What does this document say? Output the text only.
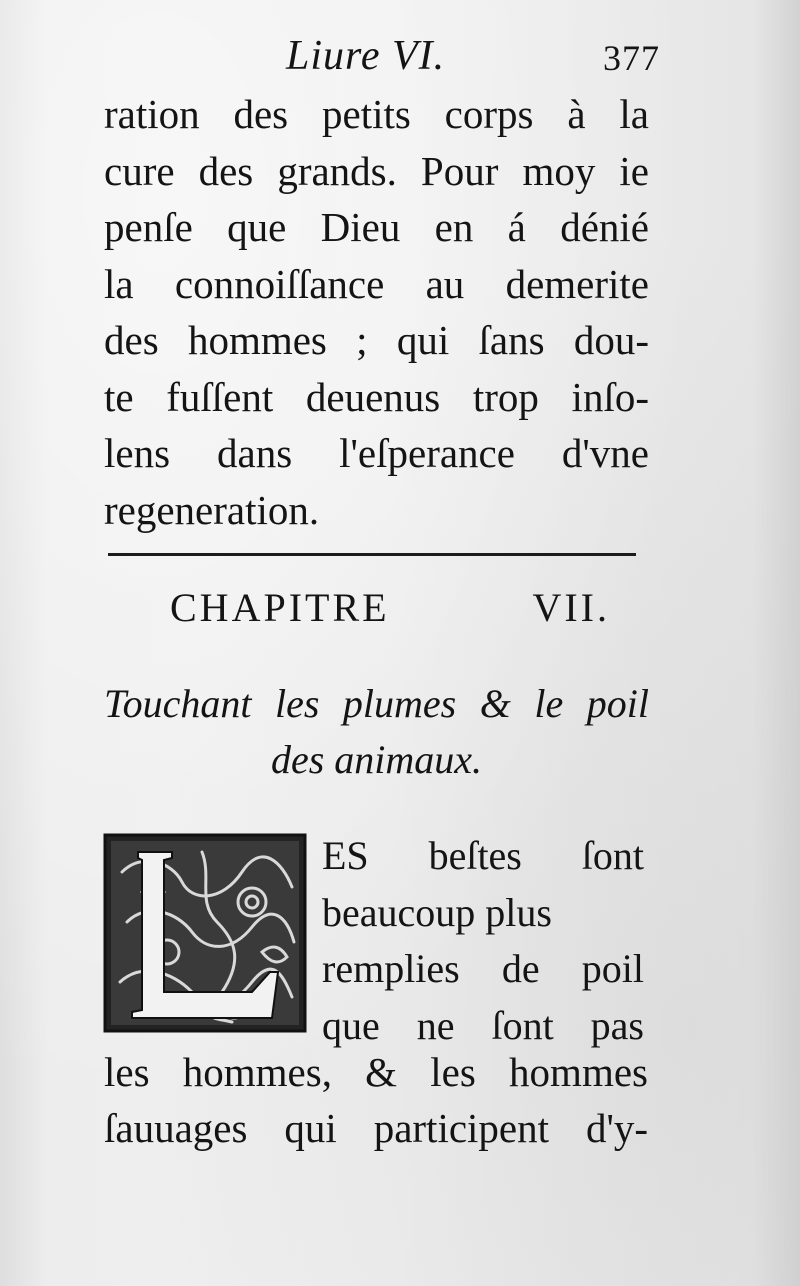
Liure VI.	377
ration des petits corps à la
cure des grands. Pour moy ie
penſe que Dieu en á dénié
la connoiſſance au demerite
des hommes ; qui ſans dou-
te fuſſent deuenus trop inſo-
lens dans l'eſperance d'vne
regeneration.
CHAPITRE VII.
Touchant les plumes & le poil
des animaux.
ES beſtes ſont
beaucoup plus
remplies de poil
que ne ſont pas
les hommes, & les hommes
ſauuages qui participent d'y-
